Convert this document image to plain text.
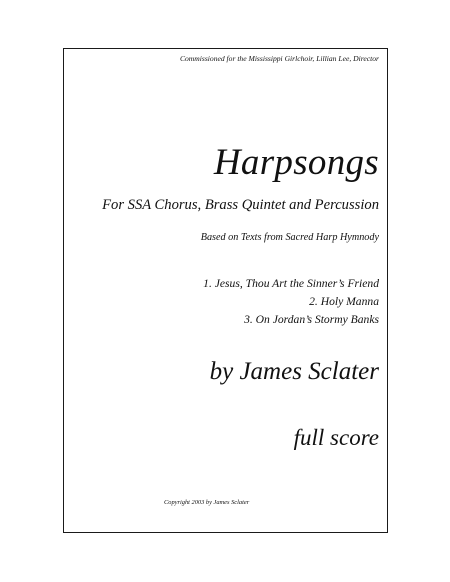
Commissioned for the Mississippi Girlchoir, Lillian Lee, Director
Harpsongs
For SSA Chorus, Brass Quintet and Percussion
Based on Texts from Sacred Harp Hymnody
1. Jesus, Thou Art the Sinner’s Friend
2. Holy Manna
3. On Jordan’s Stormy Banks
by James Sclater
full score
Copyright 2003 by James Sclater
